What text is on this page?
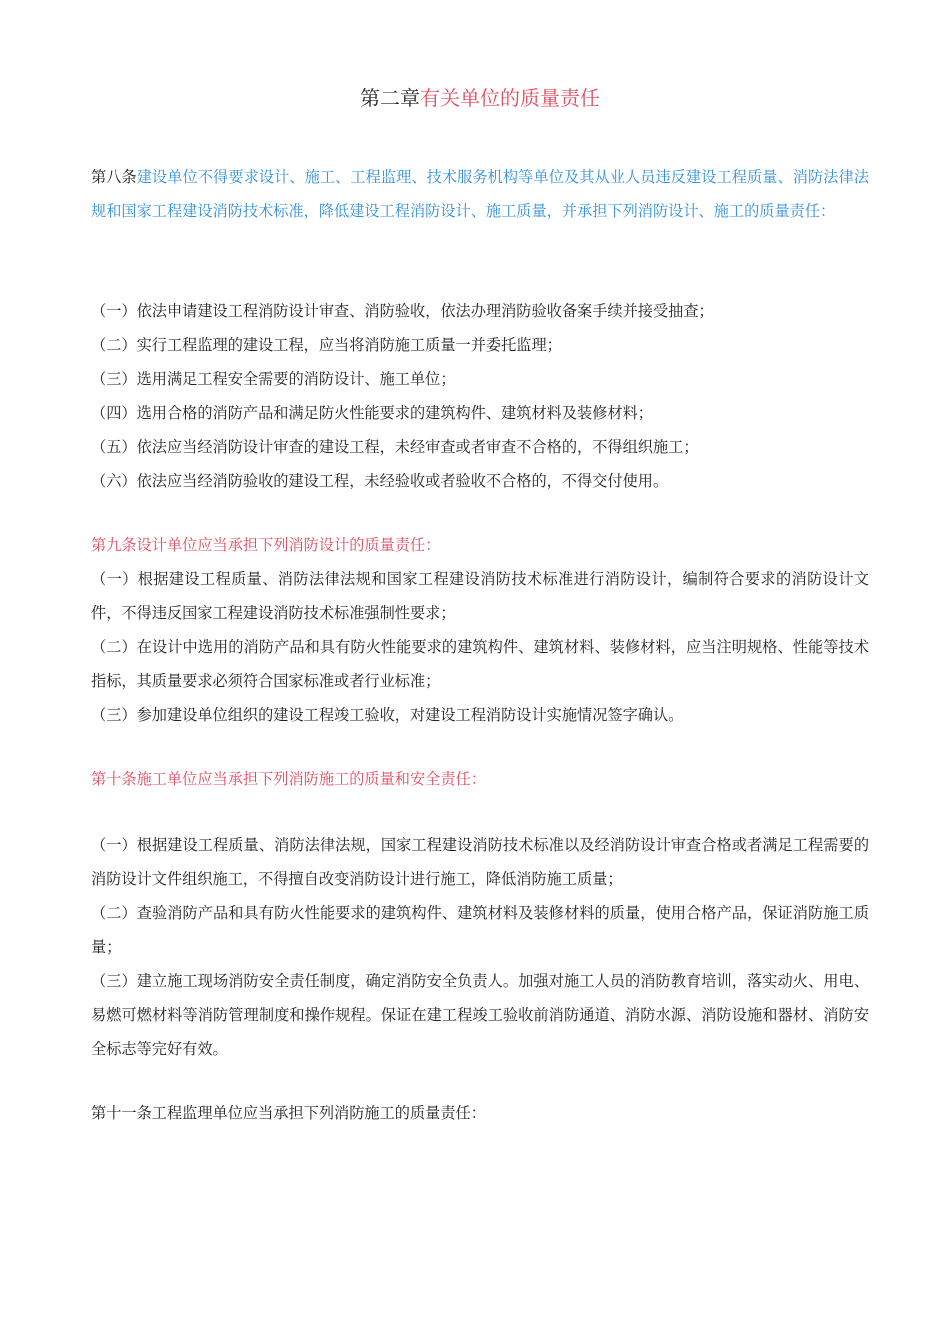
第二章有关单位的质量责任

第八条建设单位不得要求设计、施工、工程监理、技术服务机构等单位及其从业人员违反建设工程质量、消防法律法规和国家工程建设消防技术标准，降低建设工程消防设计、施工质量，并承担下列消防设计、施工的质量责任：

（一）依法申请建设工程消防设计审查、消防验收，依法办理消防验收备案手续并接受抽查；

（二）实行工程监理的建设工程，应当将消防施工质量一并委托监理；

（三）选用满足工程安全需要的消防设计、施工单位；

（四）选用合格的消防产品和满足防火性能要求的建筑构件、建筑材料及装修材料；

（五）依法应当经消防设计审查的建设工程，未经审查或者审查不合格的，不得组织施工；

（六）依法应当经消防验收的建设工程，未经验收或者验收不合格的，不得交付使用。

第九条设计单位应当承担下列消防设计的质量责任：

（一）根据建设工程质量、消防法律法规和国家工程建设消防技术标准进行消防设计，编制符合要求的消防设计文件，不得违反国家工程建设消防技术标准强制性要求；

（二）在设计中选用的消防产品和具有防火性能要求的建筑构件、建筑材料、装修材料，应当注明规格、性能等技术指标，其质量要求必须符合国家标准或者行业标准；

（三）参加建设单位组织的建设工程竣工验收，对建设工程消防设计实施情况签字确认。

第十条施工单位应当承担下列消防施工的质量和安全责任：

（一）根据建设工程质量、消防法律法规，国家工程建设消防技术标准以及经消防设计审查合格或者满足工程需要的消防设计文件组织施工，不得擅自改变消防设计进行施工，降低消防施工质量；

（二）查验消防产品和具有防火性能要求的建筑构件、建筑材料及装修材料的质量，使用合格产品，保证消防施工质量；

（三）建立施工现场消防安全责任制度，确定消防安全负责人。加强对施工人员的消防教育培训，落实动火、用电、易燃可燃材料等消防管理制度和操作规程。保证在建工程竣工验收前消防通道、消防水源、消防设施和器材、消防安全标志等完好有效。

第十一条工程监理单位应当承担下列消防施工的质量责任：
